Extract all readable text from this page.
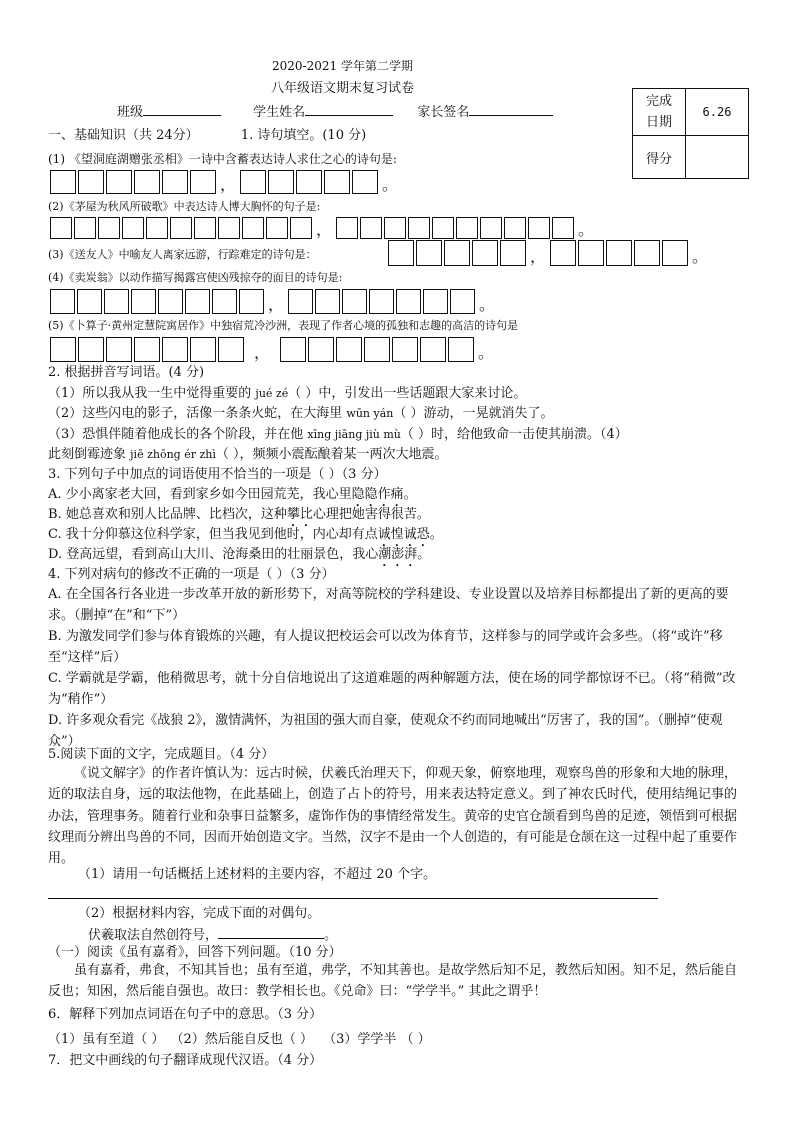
2020-2021 学年第二学期
八年级语文期末复习试卷
班级	学生姓名	家长签名
完成
日期	6.26
得分	
一、基础知识（共 24分）	1. 诗句填空。(10 分)
(1) 《望洞庭湖赠张丞相》一诗中含蓄表达诗人求仕之心的诗句是:
，	。
(2)《茅屋为秋风所破歌》中表达诗人博大胸怀的句子是:
，	。
(3)《送友人》中喻友人离家远游，行踪难定的诗句是：	，	。
(4)《卖炭翁》以动作描写揭露宫使凶残掠夺的面目的诗句是:
，	。
(5)《卜算子·黄州定慧院寓居作》中独宿荒冷沙洲，表现了作者心境的孤独和志趣的高洁的诗句是
，	。
2. 根据拼音写词语。(4 分)
（1）所以我从我一生中觉得重要的 jué zé（ ）中，引发出一些话题跟大家来讨论。
（2）这些闪电的影子，活像一条条火蛇，在大海里 wūn yán（ ）游动，一晃就消失了。
（3）恐惧伴随着他成长的各个阶段，并在他 xīng jiāng jiù mù（ ）时，给他致命一击使其崩溃。（4）
此刻倒霉迹象 jiē zhōng ér zhì（ ），频频小震酝酿着某一两次大地震。
3. 下列句子中加点的词语使用不恰当的一项是（ ）（3 分）
A. 少小离家老大回，看到家乡如今田园荒芜，我心里隐隐作痛。
B. 她总喜欢和别人比品牌、比档次，这种攀比心理把她害得很苦。
C. 我十分仰慕这位科学家，但当我见到他时，内心却有点诚惶诚恐。
D. 登高远望，看到高山大川、沧海桑田的壮丽景色，我心潮澎湃。
4. 下列对病句的修改不正确的一项是（ ）（3 分）
A. 在全国各行各业进一步改革开放的新形势下，对高等院校的学科建设、专业设置以及培养目标都提出了新的更高的要求。（删掉“在”和“下”）
B. 为激发同学们参与体育锻炼的兴趣，有人提议把校运会可以改为体育节，这样参与的同学或许会多些。（将“或许”移至“这样”后）
C. 学霸就是学霸，他稍微思考，就十分自信地说出了这道难题的两种解题方法，使在场的同学都惊讶不已。（将“稍微”改为“稍作”）
D. 许多观众看完《战狼 2》，激情满怀，为祖国的强大而自豪，使观众不约而同地喊出“厉害了，我的国”。（删掉“使观众”）
5.阅读下面的文字，完成题目。（4 分）
《说文解字》的作者许慎认为：远古时候，伏羲氏治理天下，仰观天象，俯察地理，观察鸟兽的形象和大地的脉理，近的取法自身，远的取法他物，在此基础上，创造了占卜的符号，用来表达特定意义。到了神农氏时代，使用结绳记事的办法，管理事务。随着行业和杂事日益繁多，虚饰作伪的事情经常发生。黄帝的史官仓颉看到鸟兽的足迹，领悟到可根据纹理而分辨出鸟兽的不同，因而开始创造文字。当然，汉字不是由一个人创造的，有可能是仓颉在这一过程中起了重要作用。
（1）请用一句话概括上述材料的主要内容，不超过 20 个字。
（2）根据材料内容，完成下面的对偶句。
伏羲取法自然创符号，	。
（一）阅读《虽有嘉肴》，回答下列问题。（10 分）
虽有嘉肴，弗食，不知其旨也；虽有至道，弗学，不知其善也。是故学然后知不足，教然后知困。知不足，然后能自反也；知困，然后能自强也。故曰：教学相长也。《兑命》曰：“学学半。” 其此之谓乎！
6．解释下列加点词语在句子中的意思。（3 分）
（1）虽有至道（ ） （2）然后能自反也（ ） （3）学学半 （ ）
7．把文中画线的句子翻译成现代汉语。（4 分）
